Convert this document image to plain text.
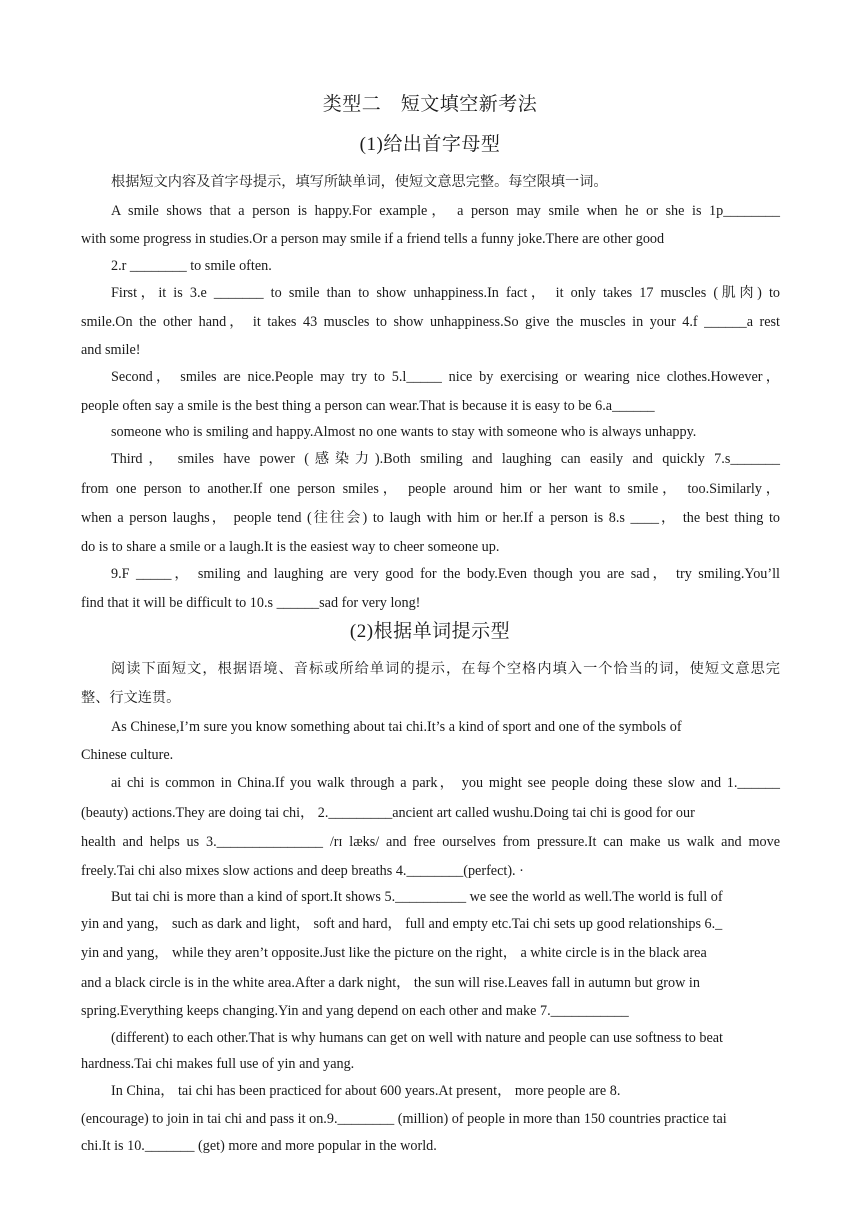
类型二　短文填空新考法
(1)给出首字母型
根据短文内容及首字母提示，填写所缺单词，使短文意思完整。每空限填一词。
A smile shows that a person is happy.For example， a person may smile when he or she is 1p________
with some progress in studies.Or a person may smile if a friend tells a funny joke.There are other good
2.r ________ to smile often.
First，it is 3.e _______ to smile than to show unhappiness.In fact， it only takes 17 muscles (肌肉) to
smile.On the other hand， it takes 43 muscles to show unhappiness.So give the muscles in your 4.f ______a rest
and smile!
Second， smiles are nice.People may try to 5.l_____ nice by exercising or wearing nice clothes.However，
people often say a smile is the best thing a person can wear.That is because it is easy to be 6.a______
someone who is smiling and happy.Almost no one wants to stay with someone who is always unhappy.
Third， smiles have power (感染力).Both smiling and laughing can easily and quickly 7.s_______
from one person to another.If one person smiles， people around him or her want to smile， too.Similarly，
when a person laughs， people tend (往往会) to laugh with him or her.If a person is 8.s ____， the best thing to
do is to share a smile or a laugh.It is the easiest way to cheer someone up.
9.F _____， smiling and laughing are very good for the body.Even though you are sad， try smiling.You’ll
find that it will be difficult to 10.s ______sad for very long!
(2)根据单词提示型
阅读下面短文，根据语境、音标或所给单词的提示，在每个空格内填入一个恰当的词，使短文意思完
整、行文连贯。
As Chinese,I’m sure you know something about tai chi.It’s a kind of sport and one of the symbols of
Chinese culture.
ai chi is common in China.If you walk through a park， you might see people doing these slow and 1.______
(beauty) actions.They are doing tai chi， 2._________ancient art called wushu.Doing tai chi is good for our
health and helps us 3._______________ /rɪ læks/ and free ourselves from pressure.It can make us walk and move
freely.Tai chi also mixes slow actions and deep breaths 4.________(perfect). ·
But tai chi is more than a kind of sport.It shows 5.__________ we see the world as well.The world is full of
yin and yang， such as dark and light， soft and hard， full and empty etc.Tai chi sets up good relationships 6._
yin and yang， while they aren’t opposite.Just like the picture on the right， a white circle is in the black area
and a black circle is in the white area.After a dark night， the sun will rise.Leaves fall in autumn but grow in
spring.Everything keeps changing.Yin and yang depend on each other and make 7.___________
(different) to each other.That is why humans can get on well with nature and people can use softness to beat
hardness.Tai chi makes full use of yin and yang.
In China， tai chi has been practiced for about 600 years.At present， more people are 8.
(encourage) to join in tai chi and pass it on.9.________ (million) of people in more than 150 countries practice tai
chi.It is 10._______ (get) more and more popular in the world.
